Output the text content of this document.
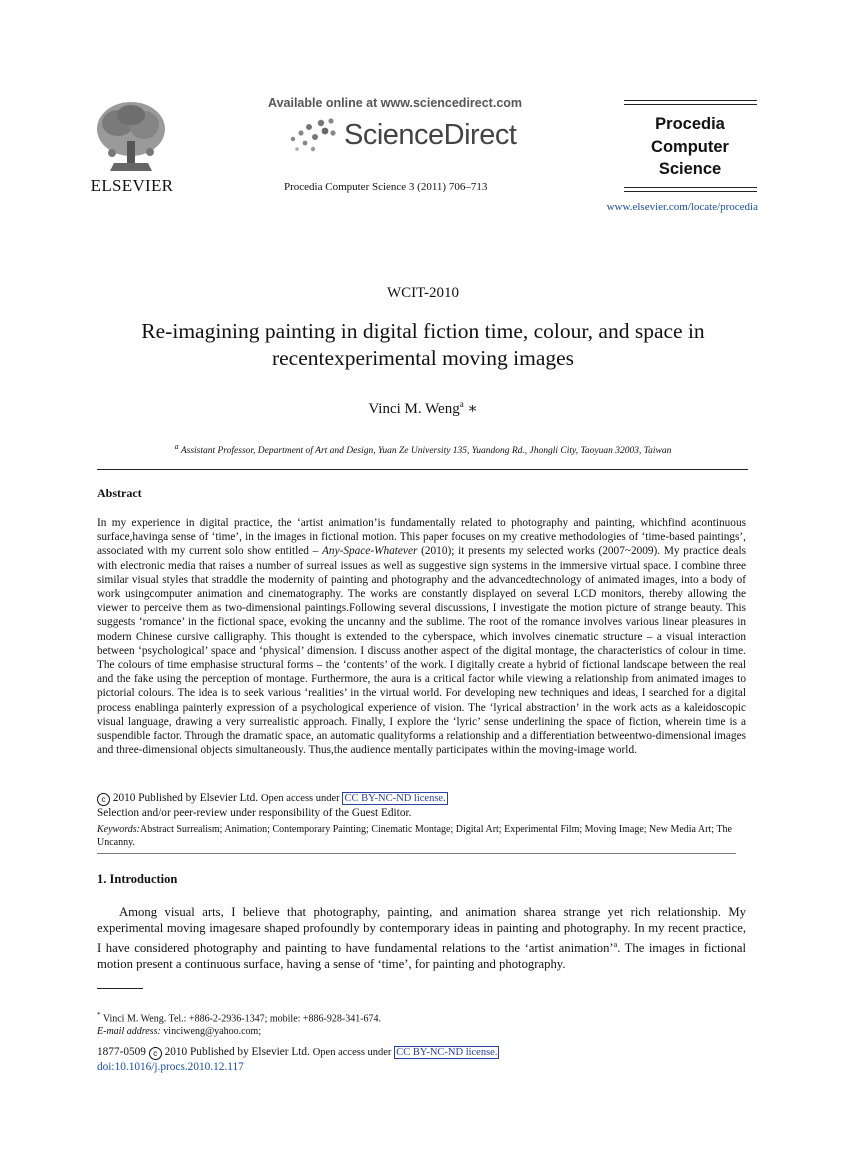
ELSEVIER
Available online at www.sciencedirect.com
ScienceDirect
Procedia Computer Science 3 (2011) 706–713
Procedia
Computer
Science
www.elsevier.com/locate/procedia
WCIT-2010
Re-imagining painting in digital fiction time, colour, and space in
recentexperimental moving images
Vinci M. Weng$^a$ ∗
$^a$ Assistant Professor, Department of Art and Design, Yuan Ze University 135, Yuandong Rd., Jhongli City, Taoyuan 32003, Taiwan
Abstract
In my experience in digital practice, the ‘artist animation’is fundamentally related to photography and painting, whichfind acontinuous surface,havinga sense of ‘time’, in the images in fictional motion. This paper focuses on my creative methodologies of ‘time-based paintings’, associated with my current solo show entitled – Any-Space-Whatever (2010); it presents my selected works (2007~2009). My practice deals with electronic media that raises a number of surreal issues as well as suggestive sign systems in the immersive virtual space. I combine three similar visual styles that straddle the modernity of painting and photography and the advancedtechnology of animated images, into a body of work usingcomputer animation and cinematography. The works are constantly displayed on several LCD monitors, thereby allowing the viewer to perceive them as two-dimensional paintings.Following several discussions, I investigate the motion picture of strange beauty. This suggests ‘romance’ in the fictional space, evoking the uncanny and the sublime. The root of the romance involves various linear pleasures in modern Chinese cursive calligraphy. This thought is extended to the cyberspace, which involves cinematic structure – a visual interaction between ‘psychological’ space and ‘physical’ dimension. I discuss another aspect of the digital montage, the characteristics of colour in time. The colours of time emphasise structural forms – the ‘contents’ of the work. I digitally create a hybrid of fictional landscape between the real and the fake using the perception of montage. Furthermore, the aura is a critical factor while viewing a relationship from animated images to pictorial colours. The idea is to seek various ‘realities’ in the virtual world. For developing new techniques and ideas, I searched for a digital process enablinga painterly expression of a psychological experience of vision. The ‘lyrical abstraction’ in the work acts as a kaleidoscopic visual language, drawing a very surrealistic approach. Finally, I explore the ‘lyric’ sense underlining the space of fiction, wherein time is a suspendible factor. Through the dramatic space, an automatic qualityforms a relationship and a differentiation betweentwo-dimensional images and three-dimensional objects simultaneously. Thus,the audience mentally participates within the moving-image world.
c 2010 Published by Elsevier Ltd. Open access under CC BY-NC-ND license.
Selection and/or peer-review under responsibility of the Guest Editor.
Keywords:Abstract Surrealism; Animation; Contemporary Painting; Cinematic Montage; Digital Art; Experimental Film; Moving Image; New Media Art; The Uncanny.
1. Introduction

Among visual arts, I believe that photography, painting, and animation sharea strange yet rich relationship. My experimental moving imagesare shaped profoundly by contemporary ideas in painting and photography. In my recent practice, I have considered photography and painting to have fundamental relations to the ‘artist animation’$^a$. The images in fictional motion present a continuous surface, having a sense of ‘time’, for painting and photography.

* Vinci M. Weng. Tel.: +886-2-2936-1347; mobile: +886-928-341-674.
E-mail address: vinciweng@yahoo.com;
1877-0509 c 2010 Published by Elsevier Ltd. Open access under CC BY-NC-ND license.
doi:10.1016/j.procs.2010.12.117
